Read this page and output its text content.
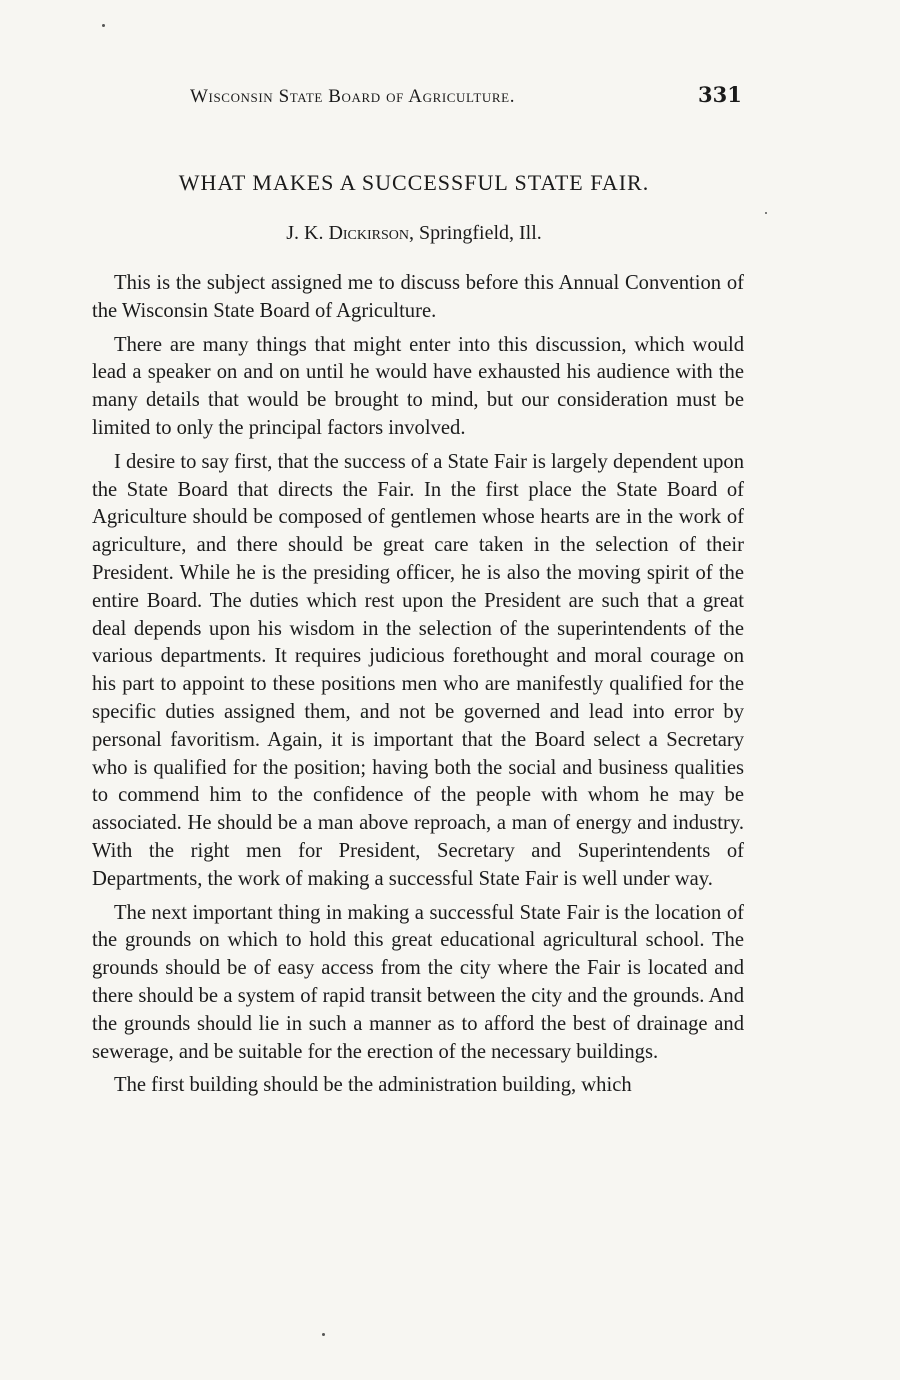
Wisconsin State Board of Agriculture.	331
WHAT MAKES A SUCCESSFUL STATE FAIR.
J. K. Dickirson, Springfield, Ill.

This is the subject assigned me to discuss before this Annual Convention of the Wisconsin State Board of Agriculture.

There are many things that might enter into this discussion, which would lead a speaker on and on until he would have exhausted his audience with the many details that would be brought to mind, but our consideration must be limited to only the principal factors involved.

I desire to say first, that the success of a State Fair is largely dependent upon the State Board that directs the Fair. In the first place the State Board of Agriculture should be composed of gentlemen whose hearts are in the work of agriculture, and there should be great care taken in the selection of their President. While he is the presiding officer, he is also the moving spirit of the entire Board. The duties which rest upon the President are such that a great deal depends upon his wisdom in the selection of the superintendents of the various departments. It requires judicious forethought and moral courage on his part to appoint to these positions men who are manifestly qualified for the specific duties assigned them, and not be governed and lead into error by personal favoritism. Again, it is important that the Board select a Secretary who is qualified for the position; having both the social and business qualities to commend him to the confidence of the people with whom he may be associated. He should be a man above reproach, a man of energy and industry. With the right men for President, Secretary and Superintendents of Departments, the work of making a successful State Fair is well under way.

The next important thing in making a successful State Fair is the location of the grounds on which to hold this great educational agricultural school. The grounds should be of easy access from the city where the Fair is located and there should be a system of rapid transit between the city and the grounds. And the grounds should lie in such a manner as to afford the best of drainage and sewerage, and be suitable for the erection of the necessary buildings.

The first building should be the administration building, which
